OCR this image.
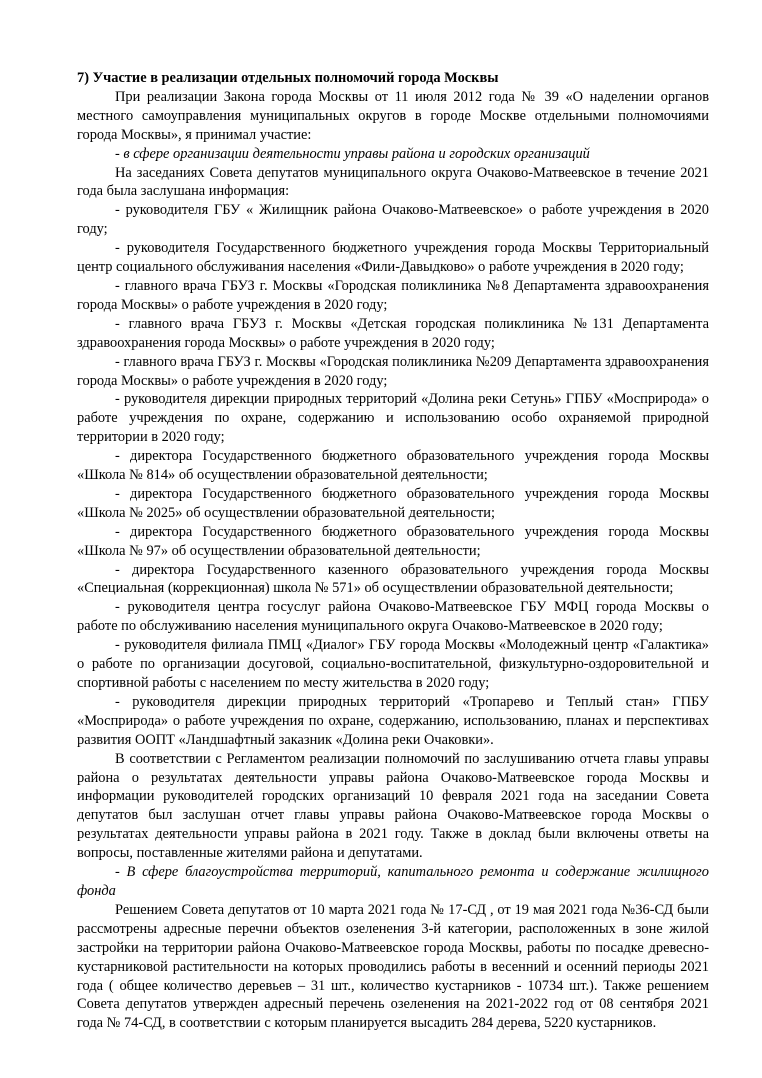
7) Участие в реализации отдельных полномочий города Москвы

При реализации Закона города Москвы от 11 июля 2012 года № 39 «О наделении органов местного самоуправления муниципальных округов в городе Москве отдельными полномочиями города Москвы», я принимал участие:

- в сфере организации деятельности управы района и городских организаций

На заседаниях Совета депутатов муниципального округа Очаково-Матвеевское в течение 2021 года была заслушана информация:

- руководителя ГБУ « Жилищник района Очаково-Матвеевское» о работе учреждения в 2020 году;

- руководителя Государственного бюджетного учреждения города Москвы Территориальный центр социального обслуживания населения «Фили-Давыдково» о работе учреждения в 2020 году;

- главного врача ГБУЗ г. Москвы «Городская поликлиника №8 Департамента здравоохранения города Москвы» о работе учреждения в 2020 году;

- главного врача ГБУЗ г. Москвы «Детская городская поликлиника №131 Департамента здравоохранения города Москвы» о работе учреждения в 2020 году;

- главного врача ГБУЗ г. Москвы «Городская поликлиника №209 Департамента здравоохранения города Москвы» о работе учреждения в 2020 году;

- руководителя дирекции природных территорий «Долина реки Сетунь» ГПБУ «Мосприрода» о работе учреждения по охране, содержанию и использованию особо охраняемой природной территории в 2020 году;

- директора Государственного бюджетного образовательного учреждения города Москвы «Школа № 814» об осуществлении образовательной деятельности;

- директора Государственного бюджетного образовательного учреждения города Москвы «Школа № 2025» об осуществлении образовательной деятельности;

- директора Государственного бюджетного образовательного учреждения города Москвы «Школа № 97» об осуществлении образовательной деятельности;

- директора Государственного казенного образовательного учреждения города Москвы «Специальная (коррекционная) школа № 571» об осуществлении образовательной деятельности;

- руководителя центра госуслуг района Очаково-Матвеевское ГБУ МФЦ города Москвы о работе по обслуживанию населения муниципального округа Очаково-Матвеевское в 2020 году;

- руководителя филиала ПМЦ «Диалог» ГБУ города Москвы «Молодежный центр «Галактика» о работе по организации досуговой, социально-воспитательной, физкультурно-оздоровительной и спортивной работы с населением по месту жительства в 2020 году;

- руководителя дирекции природных территорий «Тропарево и Теплый стан» ГПБУ «Мосприрода» о работе учреждения по охране, содержанию, использованию, планах и перспективах развития ООПТ «Ландшафтный заказник «Долина реки Очаковки».

В соответствии с Регламентом реализации полномочий по заслушиванию отчета главы управы района о результатах деятельности управы района Очаково-Матвеевское города Москвы и информации руководителей городских организаций 10 февраля 2021 года на заседании Совета депутатов был заслушан отчет главы управы района Очаково-Матвеевское города Москвы о результатах деятельности управы района в 2021 году. Также в доклад были включены ответы на вопросы, поставленные жителями района и депутатами.

- В сфере благоустройства территорий, капитального ремонта и содержание жилищного фонда

Решением Совета депутатов от 10 марта 2021 года № 17-СД , от 19 мая 2021 года №36-СД были рассмотрены адресные перечни объектов озеленения 3-й категории, расположенных в зоне жилой застройки на территории района Очаково-Матвеевское города Москвы, работы по посадке древесно-кустарниковой растительности на которых проводились работы в весенний и осенний периоды 2021 года ( общее количество деревьев – 31 шт., количество кустарников - 10734 шт.). Также решением Совета депутатов утвержден адресный перечень озеленения на 2021-2022 год от 08 сентября 2021 года № 74-СД, в соответствии с которым планируется высадить 284 дерева, 5220 кустарников.
